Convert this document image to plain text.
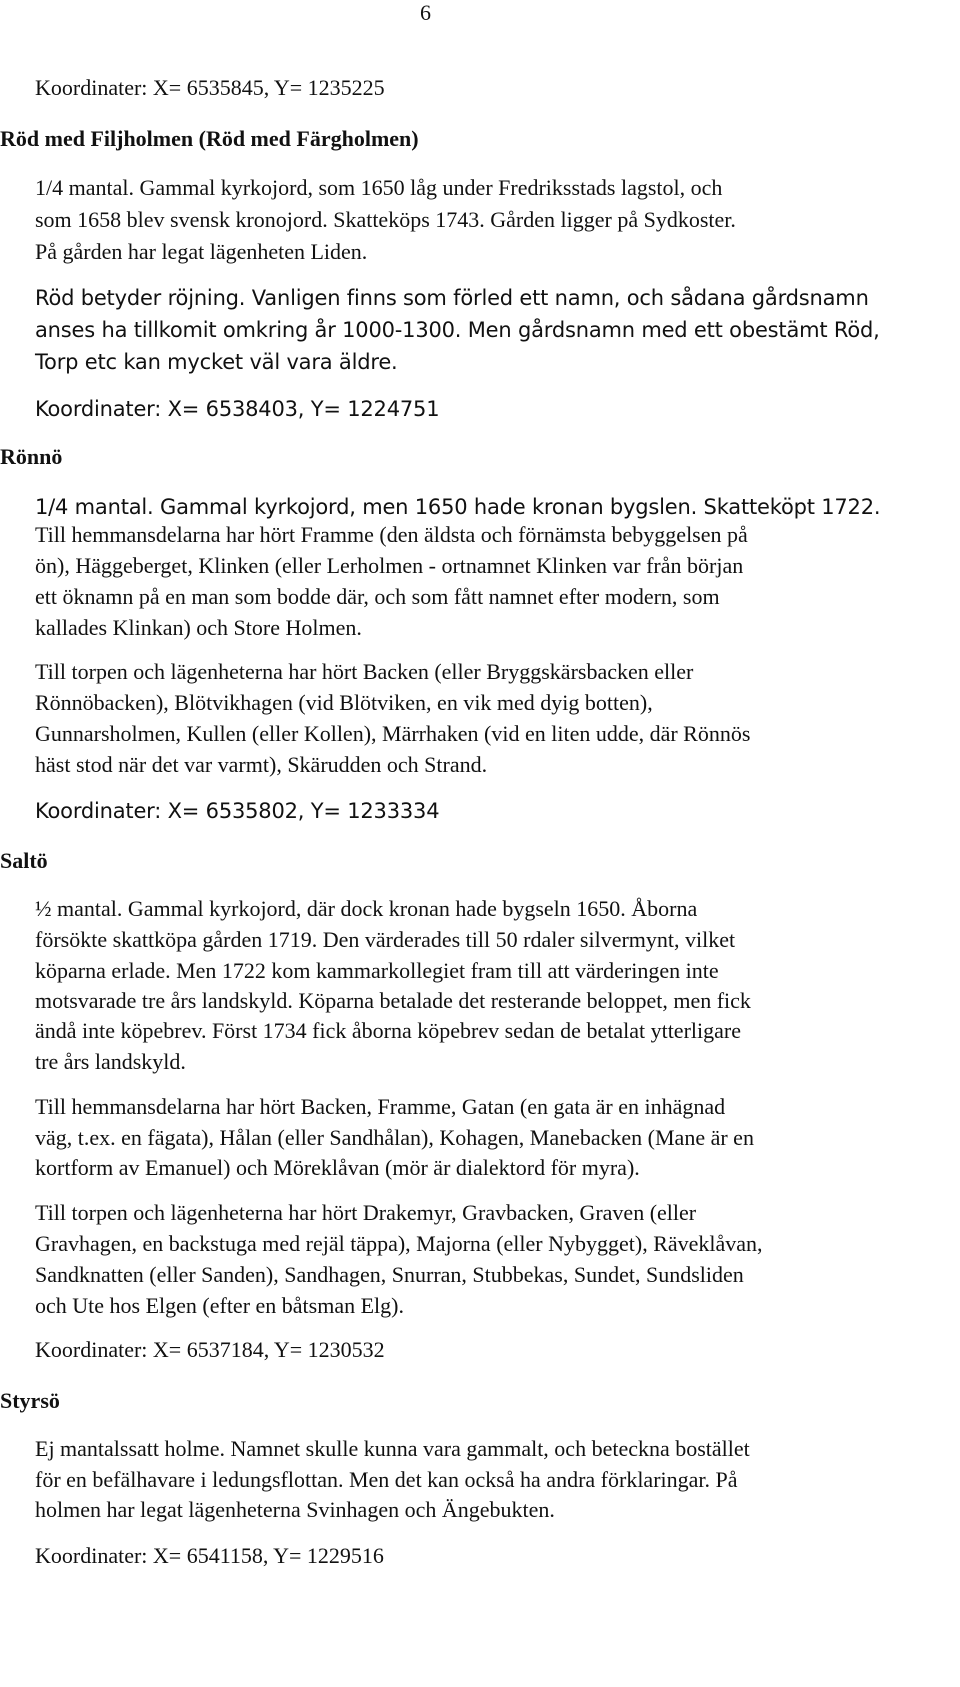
6
Koordinater: X= 6535845, Y= 1235225
Röd med Filjholmen (Röd med Färgholmen)
1/4 mantal. Gammal kyrkojord, som 1650 låg under Fredriksstads lagstol, och
som 1658 blev svensk kronojord. Skatteköps 1743. Gården ligger på Sydkoster.
På gården har legat lägenheten Liden.
Röd betyder röjning. Vanligen finns som förled ett namn, och sådana gårdsnamn
anses ha tillkomit omkring år 1000-1300. Men gårdsnamn med ett obestämt Röd,
Torp etc kan mycket väl vara äldre.
Koordinater: X= 6538403, Y= 1224751
Rönnö
1/4 mantal. Gammal kyrkojord, men 1650 hade kronan bygslen. Skatteköpt 1722.
Till hemmansdelarna har hört Framme (den äldsta och förnämsta bebyggelsen på
ön), Häggeberget, Klinken (eller Lerholmen - ortnamnet Klinken var från början
ett öknamn på en man som bodde där, och som fått namnet efter modern, som
kallades Klinkan) och Store Holmen.
Till torpen och lägenheterna har hört Backen (eller Bryggskärsbacken eller
Rönnöbacken), Blötvikhagen (vid Blötviken, en vik med dyig botten),
Gunnarsholmen, Kullen (eller Kollen), Märrhaken (vid en liten udde, där Rönnös
häst stod när det var varmt), Skärudden och Strand.
Koordinater: X= 6535802, Y= 1233334
Saltö
½ mantal. Gammal kyrkojord, där dock kronan hade bygseln 1650. Åborna
försökte skattköpa gården 1719. Den värderades till 50 rdaler silvermynt, vilket
köparna erlade. Men 1722 kom kammarkollegiet fram till att värderingen inte
motsvarade tre års landskyld. Köparna betalade det resterande beloppet, men fick
ändå inte köpebrev. Först 1734 fick åborna köpebrev sedan de betalat ytterligare
tre års landskyld.
Till hemmansdelarna har hört Backen, Framme, Gatan (en gata är en inhägnad
väg, t.ex. en fägata), Hålan (eller Sandhålan), Kohagen, Manebacken (Mane är en
kortform av Emanuel) och Möreklåvan (mör är dialektord för myra).
Till torpen och lägenheterna har hört Drakemyr, Gravbacken, Graven (eller
Gravhagen, en backstuga med rejäl täppa), Majorna (eller Nybygget), Räveklåvan,
Sandknatten (eller Sanden), Sandhagen, Snurran, Stubbekas, Sundet, Sundsliden
och Ute hos Elgen (efter en båtsman Elg).
Koordinater: X= 6537184, Y= 1230532
Styrsö
Ej mantalssatt holme. Namnet skulle kunna vara gammalt, och beteckna bostället
för en befälhavare i ledungsflottan. Men det kan också ha andra förklaringar. På
holmen har legat lägenheterna Svinhagen och Ängebukten.
Koordinater: X= 6541158, Y= 1229516
